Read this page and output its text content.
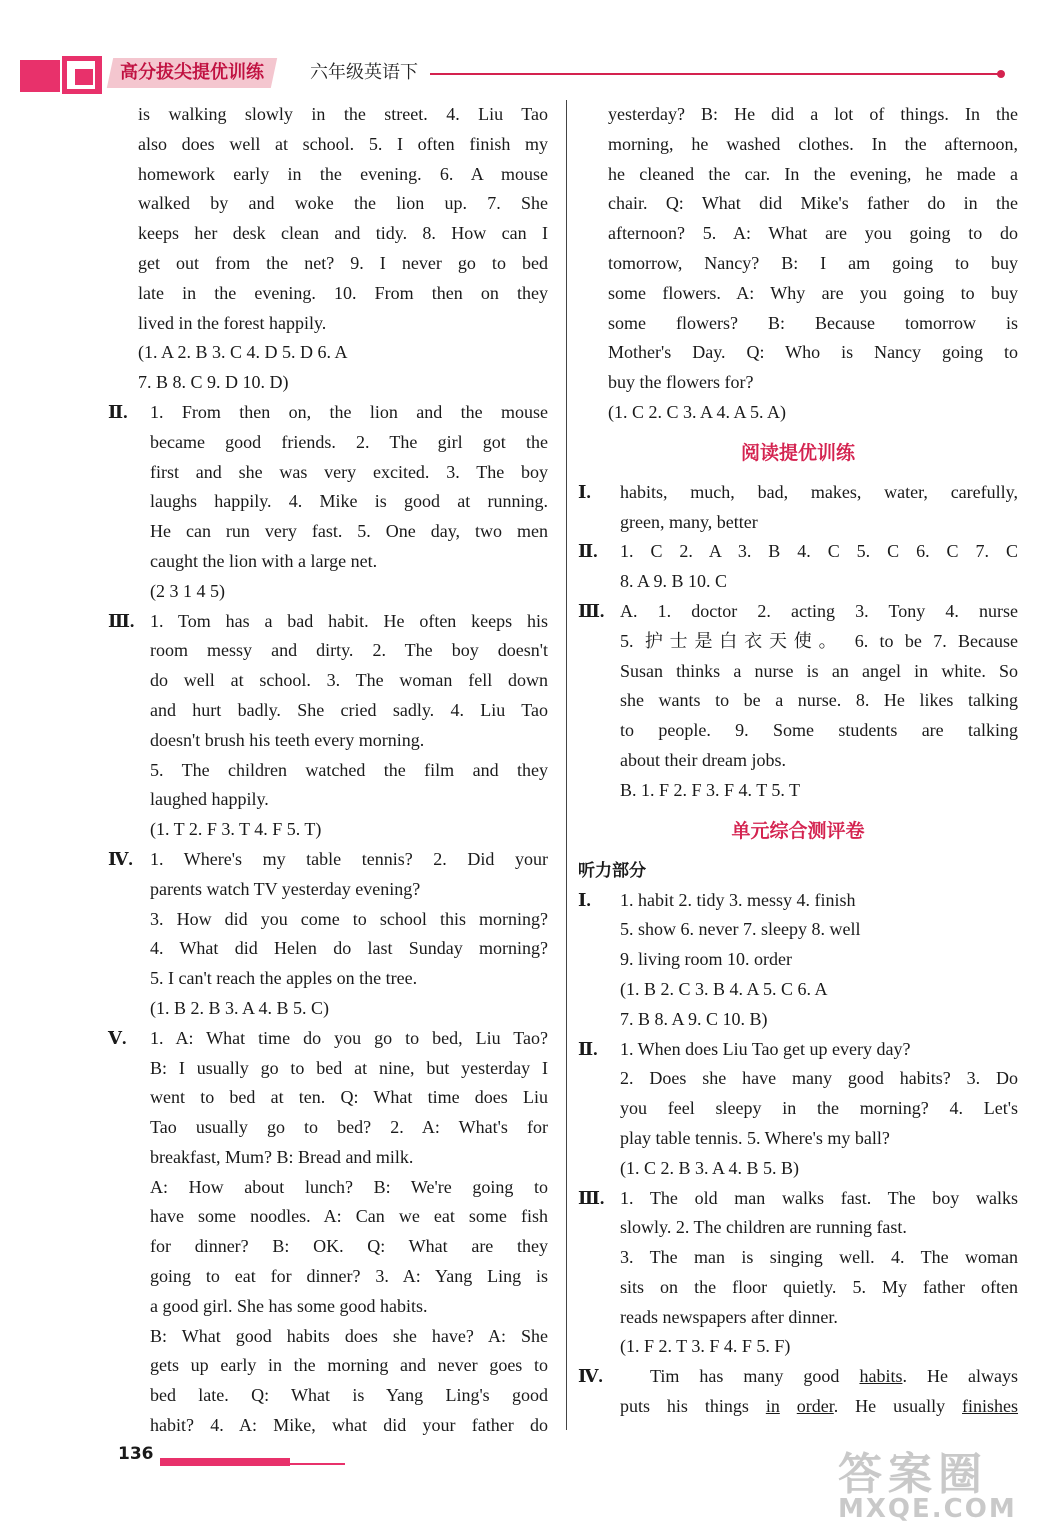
高分拔尖提优训练	六年级英语下
is walking slowly in the street. 4. Liu Tao
also does well at school. 5. I often finish my
homework early in the evening. 6. A mouse
walked by and woke the lion up. 7. She
keeps her desk clean and tidy. 8. How can I
get out from the net? 9. I never go to bed
late in the evening. 10. From then on they
lived in the forest happily.
(1. A 2. B 3. C 4. D 5. D 6. A
7. B 8. C 9. D 10. D)
Ⅱ. 1. From then on, the lion and the mouse
became good friends. 2. The girl got the
first and she was very excited. 3. The boy
laughs happily. 4. Mike is good at running.
He can run very fast. 5. One day, two men
caught the lion with a large net.
(2 3 1 4 5)
Ⅲ. 1. Tom has a bad habit. He often keeps his
room messy and dirty. 2. The boy doesn't
do well at school. 3. The woman fell down
and hurt badly. She cried sadly. 4. Liu Tao
doesn't brush his teeth every morning.
5. The children watched the film and they
laughed happily.
(1. T 2. F 3. T 4. F 5. T)
Ⅳ. 1. Where's my table tennis? 2. Did your
parents watch TV yesterday evening?
3. How did you come to school this morning?
4. What did Helen do last Sunday morning?
5. I can't reach the apples on the tree.
(1. B 2. B 3. A 4. B 5. C)
Ⅴ. 1. A: What time do you go to bed, Liu Tao?
B: I usually go to bed at nine, but yesterday I
went to bed at ten. Q: What time does Liu
Tao usually go to bed? 2. A: What's for
breakfast, Mum? B: Bread and milk.
A: How about lunch? B: We're going to
have some noodles. A: Can we eat some fish
for dinner? B: OK. Q: What are they
going to eat for dinner? 3. A: Yang Ling is
a good girl. She has some good habits.
B: What good habits does she have? A: She
gets up early in the morning and never goes to
bed late. Q: What is Yang Ling's good
habit? 4. A: Mike, what did your father do
yesterday? B: He did a lot of things. In the
morning, he washed clothes. In the afternoon,
he cleaned the car. In the evening, he made a
chair. Q: What did Mike's father do in the
afternoon? 5. A: What are you going to do
tomorrow, Nancy? B: I am going to buy
some flowers. A: Why are you going to buy
some flowers? B: Because tomorrow is
Mother's Day. Q: Who is Nancy going to
buy the flowers for?
(1. C 2. C 3. A 4. A 5. A)
阅读提优训练
Ⅰ. habits, much, bad, makes, water, carefully,
green, many, better
Ⅱ. 1. C 2. A 3. B 4. C 5. C 6. C 7. C
8. A 9. B 10. C
Ⅲ. A. 1. doctor 2. acting 3. Tony 4. nurse
5. 护士是白衣天使。 6. to be 7. Because
Susan thinks a nurse is an angel in white. So
she wants to be a nurse. 8. He likes talking
to people. 9. Some students are talking
about their dream jobs.
B. 1. F 2. F 3. F 4. T 5. T
单元综合测评卷
听力部分
Ⅰ. 1. habit 2. tidy 3. messy 4. finish
5. show 6. never 7. sleepy 8. well
9. living room 10. order
(1. B 2. C 3. B 4. A 5. C 6. A
7. B 8. A 9. C 10. B)
Ⅱ. 1. When does Liu Tao get up every day?
2. Does she have many good habits? 3. Do
you feel sleepy in the morning? 4. Let's
play table tennis. 5. Where's my ball?
(1. C 2. B 3. A 4. B 5. B)
Ⅲ. 1. The old man walks fast. The boy walks
slowly. 2. The children are running fast.
3. The man is singing well. 4. The woman
sits on the floor quietly. 5. My father often
reads newspapers after dinner.
(1. F 2. T 3. F 4. F 5. F)
Ⅳ.	Tim has many good habits. He always
puts his things in order. He usually finishes
136	答案圈
MXQE.COM
